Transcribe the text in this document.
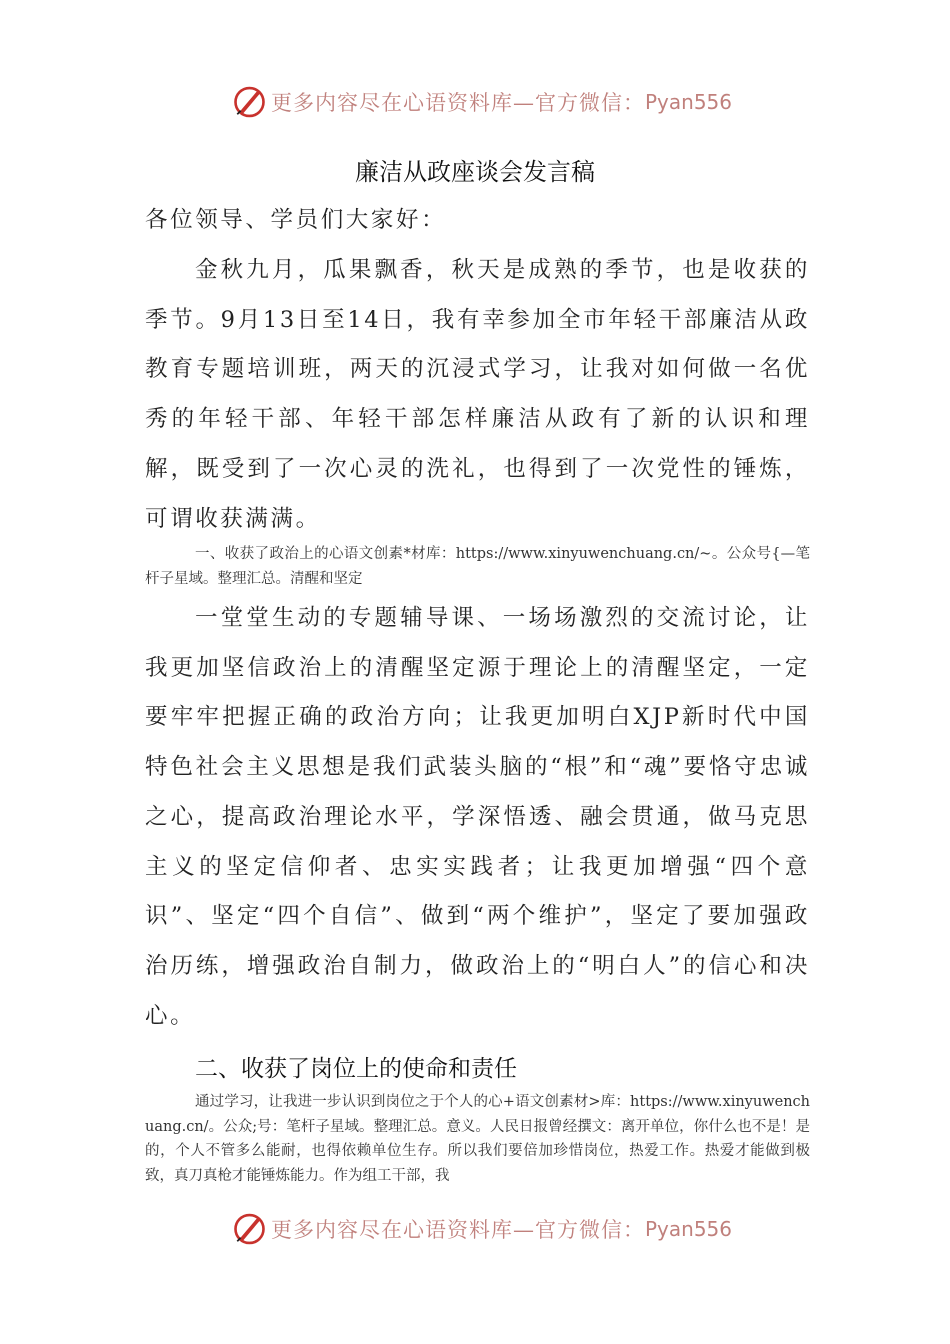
更多内容尽在心语资料库—官方微信： Pyan556
廉洁从政座谈会发言稿

各位领导、学员们大家好：

金秋九月，瓜果飘香，秋天是成熟的季节，也是收获的季节。9月13日至14日，我有幸参加全市年轻干部廉洁从政教育专题培训班，两天的沉浸式学习，让我对如何做一名优秀的年轻干部、年轻干部怎样廉洁从政有了新的认识和理解，既受到了一次心灵的洗礼，也得到了一次党性的锤炼，可谓收获满满。

一、收获了政治上的心语文创素*材库：https://www.xinyuwenchuang.cn/~。公众号{—笔杆子星域。整理汇总。清醒和坚定

一堂堂生动的专题辅导课、一场场激烈的交流讨论，让我更加坚信政治上的清醒坚定源于理论上的清醒坚定，一定要牢牢把握正确的政治方向；让我更加明白XJP新时代中国特色社会主义思想是我们武装头脑的“根”和“魂”要恪守忠诚之心，提高政治理论水平，学深悟透、融会贯通，做马克思主义的坚定信仰者、忠实实践者；让我更加增强“四个意识”、坚定“四个自信”、做到“两个维护”，坚定了要加强政治历练，增强政治自制力，做政治上的“明白人”的信心和决心。

二、收获了岗位上的使命和责任

通过学习，让我进一步认识到岗位之于个人的心+语文创素材>库：https://www.xinyuwenchuang.cn/。公众;号：笔杆子星域。整理汇总。意义。人民日报曾经撰文：离开单位，你什么也不是！是的，个人不管多么能耐，也得依赖单位生存。所以我们要倍加珍惜岗位，热爱工作。热爱才能做到极致，真刀真枪才能锤炼能力。作为组工干部，我

更多内容尽在心语资料库—官方微信： Pyan556
